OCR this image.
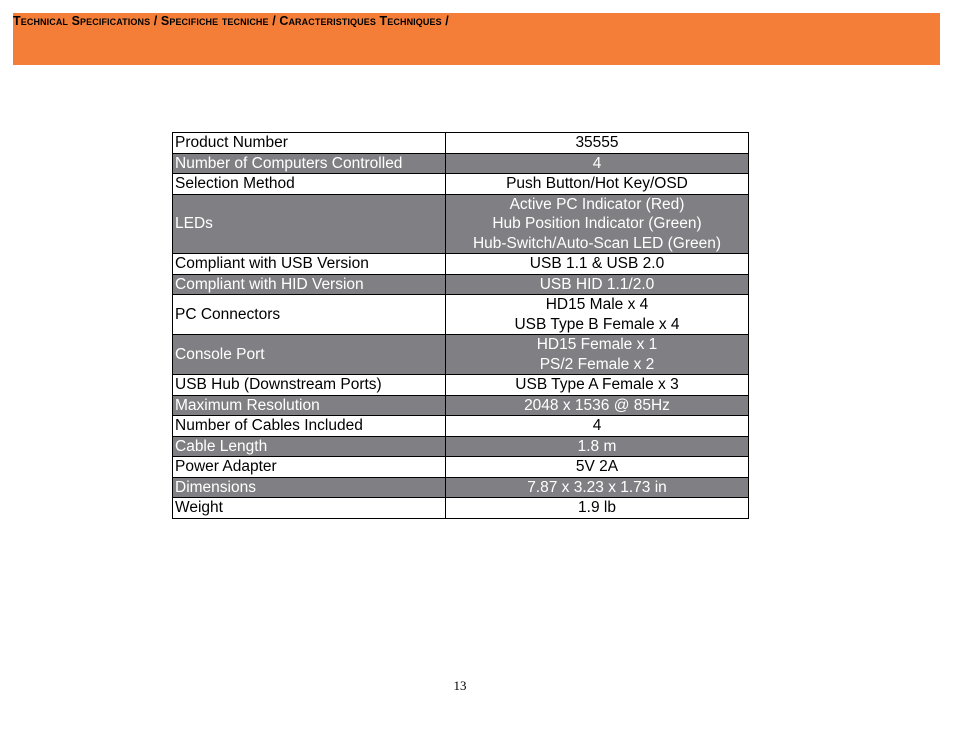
Technical Specifications / Specifiche tecniche / Caracteristiques Techniques /
Product Number	35555

Number of Computers Controlled	4

Selection Method	Push Button/Hot Key/OSD

LEDs	Active PC Indicator (Red)
Hub Position Indicator (Green)
Hub-Switch/Auto-Scan LED (Green)

Compliant with USB Version	USB 1.1 & USB 2.0

Compliant with HID Version	USB HID 1.1/2.0

PC Connectors	HD15 Male x 4
USB Type B Female x 4

Console Port	HD15 Female x 1
PS/2 Female x 2

USB Hub (Downstream Ports)	USB Type A Female x 3

Maximum Resolution	2048 x 1536 @ 85Hz

Number of Cables Included	4

Cable Length	1.8 m

Power Adapter	5V 2A

Dimensions	7.87 x 3.23 x 1.73 in

Weight	1.9 lb
13
